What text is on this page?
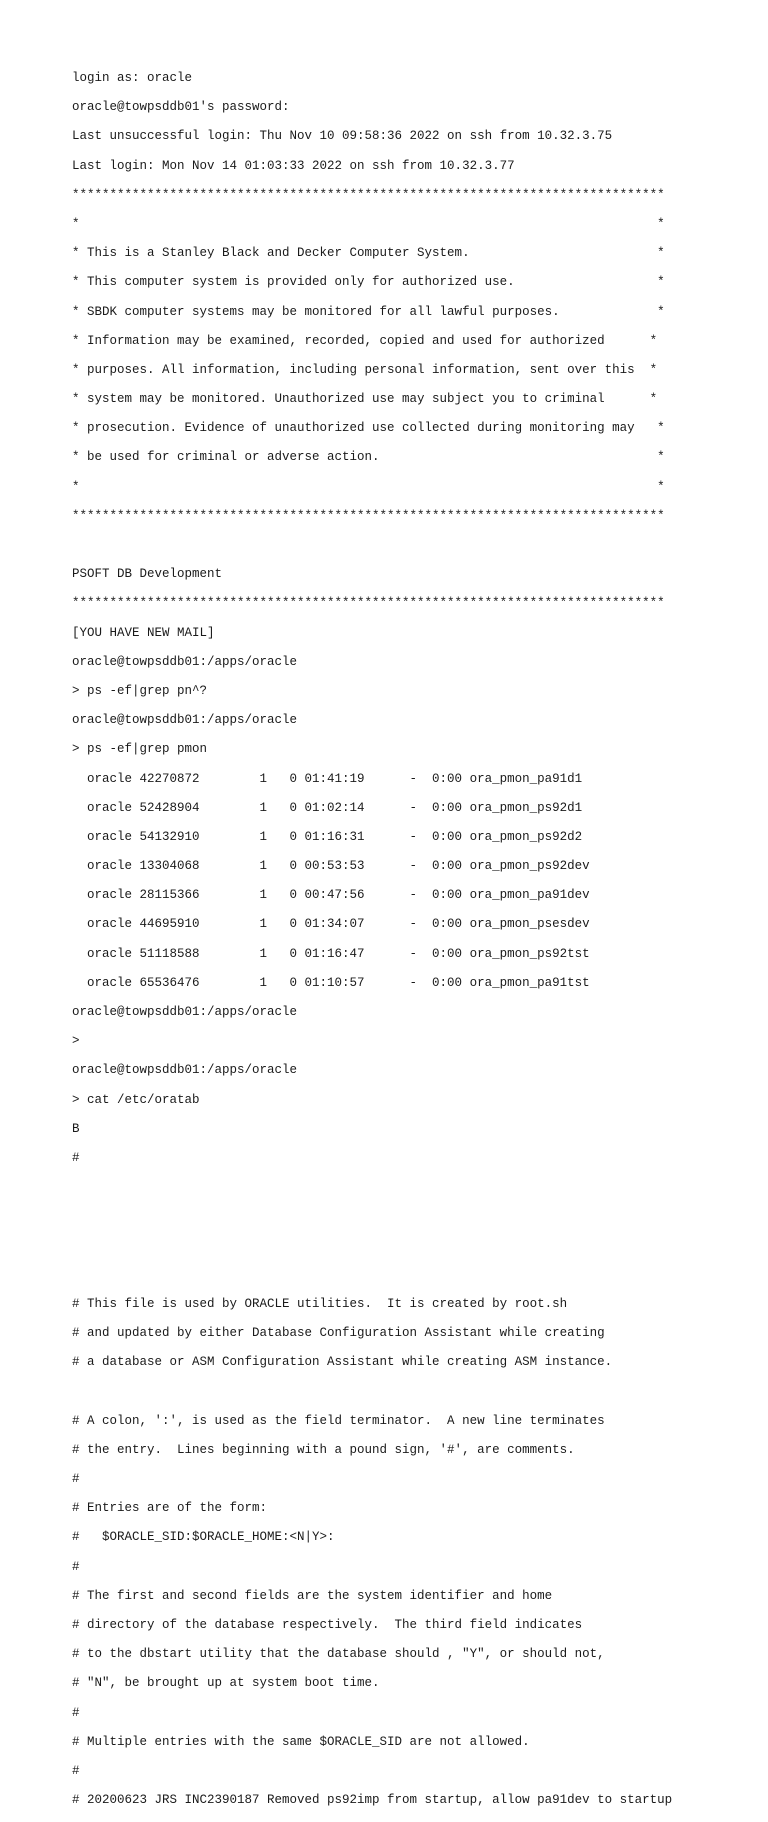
login as: oracle

oracle@towpsddb01's password:

Last unsuccessful login: Thu Nov 10 09:58:36 2022 on ssh from 10.32.3.75

Last login: Mon Nov 14 01:03:33 2022 on ssh from 10.32.3.77

*******************************************************************************

*                                                                             *

* This is a Stanley Black and Decker Computer System.                         *

* This computer system is provided only for authorized use.                   *

* SBDK computer systems may be monitored for all lawful purposes.             *

* Information may be examined, recorded, copied and used for authorized      *

* purposes. All information, including personal information, sent over this  *

* system may be monitored. Unauthorized use may subject you to criminal      *

* prosecution. Evidence of unauthorized use collected during monitoring may   *

* be used for criminal or adverse action.                                     *

*                                                                             *

*******************************************************************************

PSOFT DB Development

*******************************************************************************

[YOU HAVE NEW MAIL]

oracle@towpsddb01:/apps/oracle

> ps -ef|grep pn^?

oracle@towpsddb01:/apps/oracle

> ps -ef|grep pmon

oracle 42270872        1   0 01:41:19      -  0:00 ora_pmon_pa91d1

oracle 52428904        1   0 01:02:14      -  0:00 ora_pmon_ps92d1

oracle 54132910        1   0 01:16:31      -  0:00 ora_pmon_ps92d2

oracle 13304068        1   0 00:53:53      -  0:00 ora_pmon_ps92dev

oracle 28115366        1   0 00:47:56      -  0:00 ora_pmon_pa91dev

oracle 44695910        1   0 01:34:07      -  0:00 ora_pmon_psesdev

oracle 51118588        1   0 01:16:47      -  0:00 ora_pmon_ps92tst

oracle 65536476        1   0 01:10:57      -  0:00 ora_pmon_pa91tst

oracle@towpsddb01:/apps/oracle

>

oracle@towpsddb01:/apps/oracle

> cat /etc/oratab

B

#

# This file is used by ORACLE utilities.  It is created by root.sh

# and updated by either Database Configuration Assistant while creating

# a database or ASM Configuration Assistant while creating ASM instance.

# A colon, ':', is used as the field terminator.  A new line terminates

# the entry.  Lines beginning with a pound sign, '#', are comments.

#

# Entries are of the form:

#   $ORACLE_SID:$ORACLE_HOME:<N|Y>:

#

# The first and second fields are the system identifier and home

# directory of the database respectively.  The third field indicates

# to the dbstart utility that the database should , "Y", or should not,

# "N", be brought up at system boot time.

#

# Multiple entries with the same $ORACLE_SID are not allowed.

#

# 20200623 JRS INC2390187 Removed ps92imp from startup, allow pa91dev to startup
